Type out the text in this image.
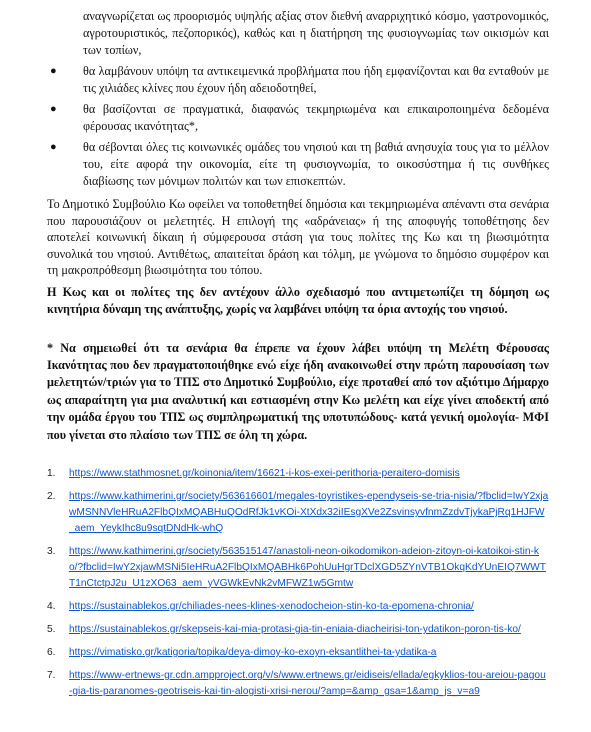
αναγνωρίζεται ως προορισμός υψηλής αξίας στον διεθνή αναρριχητικό κόσμο, γαστρονομικός, αγροτουριστικός, πεζοπορικός), καθώς και η διατήρηση της φυσιογνωμίας των οικισμών και των τοπίων,
● θα λαμβάνουν υπόψη τα αντικειμενικά προβλήματα που ήδη εμφανίζονται και θα ενταθούν με τις χιλιάδες κλίνες που έχουν ήδη αδειοδοτηθεί,
● θα βασίζονται σε πραγματικά, διαφανώς τεκμηριωμένα και επικαιροποιημένα δεδομένα φέρουσας ικανότητας*,
● θα σέβονται όλες τις κοινωνικές ομάδες του νησιού και τη βαθιά ανησυχία τους για το μέλλον του, είτε αφορά την οικονομία, είτε τη φυσιογνωμία, το οικοσύστημα ή τις συνθήκες διαβίωσης των μόνιμων πολιτών και των επισκεπτών.

Το Δημοτικό Συμβούλιο Κω οφείλει να τοποθετηθεί δημόσια και τεκμηριωμένα απέναντι στα σενάρια που παρουσιάζουν οι μελετητές. Η επιλογή της «αδράνειας» ή της αποφυγής τοποθέτησης δεν αποτελεί κοινωνική δίκαιη ή σύμφερουσα στάση για τους πολίτες της Κω και τη βιωσιμότητα συνολικά του νησιού. Αντιθέτως, απαιτείται δράση και τόλμη, με γνώμονα το δημόσιο συμφέρον και τη μακροπρόθεσμη βιωσιμότητα του τόπου.

Η Κως και οι πολίτες της δεν αντέχουν άλλο σχεδιασμό που αντιμετωπίζει τη δόμηση ως κινητήρια δύναμη της ανάπτυξης, χωρίς να λαμβάνει υπόψη τα όρια αντοχής του νησιού.

* Να σημειωθεί ότι τα σενάρια θα έπρεπε να έχουν λάβει υπόψη τη Μελέτη Φέρουσας Ικανότητας που δεν πραγματοποιήθηκε ενώ είχε ήδη ανακοινωθεί στην πρώτη παρουσίαση των μελετητών/τριών για το ΤΠΣ στο Δημοτικό Συμβούλιο, είχε προταθεί από τον αξιότιμο Δήμαρχο ως απαραίτητη για μια αναλυτική και εστιασμένη στην Κω μελέτη και είχε γίνει αποδεκτή από την ομάδα έργου του ΤΠΣ ως συμπληρωματική της υποτυπώδους- κατά γενική ομολογία- ΜΦΙ που γίνεται στο πλαίσιο των ΤΠΣ σε όλη τη χώρα.

1. https://www.stathmosnet.gr/koinonia/item/16621-i-kos-exei-perithoria-peraitero-domisis
2. https://www.kathimerini.gr/society/563616601/megales-toyristikes-ependyseis-se-tria-nisia/?fbclid=IwY2xjawMSNNVleHRuA2FlbQIxMQABHuQOdRfJk1vKOi-XtXdx32iIEsgXVe2ZsvinsyvfnmZzdvTjykaPjRq1HJFW_aem_YeykIhc8u9sqtDNdHk-whQ
3. https://www.kathimerini.gr/society/563515147/anastoli-neon-oikodomikon-adeion-zitoyn-oi-katoikoi-stin-ko/?fbclid=IwY2xjawMSNi5IeHRuA2FlbQIxMQABHk6PohUuHgrTDclXGD5ZYnVTB1OkqKdYUnEIQ7WWTT1nCtctpJ2u_U1zXO63_aem_yVGWkEvNk2vMFWZ1w5Gmtw
4. https://sustainablekos.gr/chiliades-nees-klines-xenodocheion-stin-ko-ta-epomena-chronia/
5. https://sustainablekos.gr/skepseis-kai-mia-protasi-gia-tin-eniaia-diacheirisi-ton-ydatikon-poron-tis-ko/
6. https://vimatisko.gr/katigoria/topika/deya-dimoy-ko-exoyn-eksantlithei-ta-ydatika-a
7. https://www-ertnews-gr.cdn.ampproject.org/v/s/www.ertnews.gr/eidiseis/ellada/egkyklios-tou-areiou-pagou-gia-tis-paranomes-geotriseis-kai-tin-alogisti-xrisi-nerou/?amp=&amp_gsa=1&amp_js_v=a9
